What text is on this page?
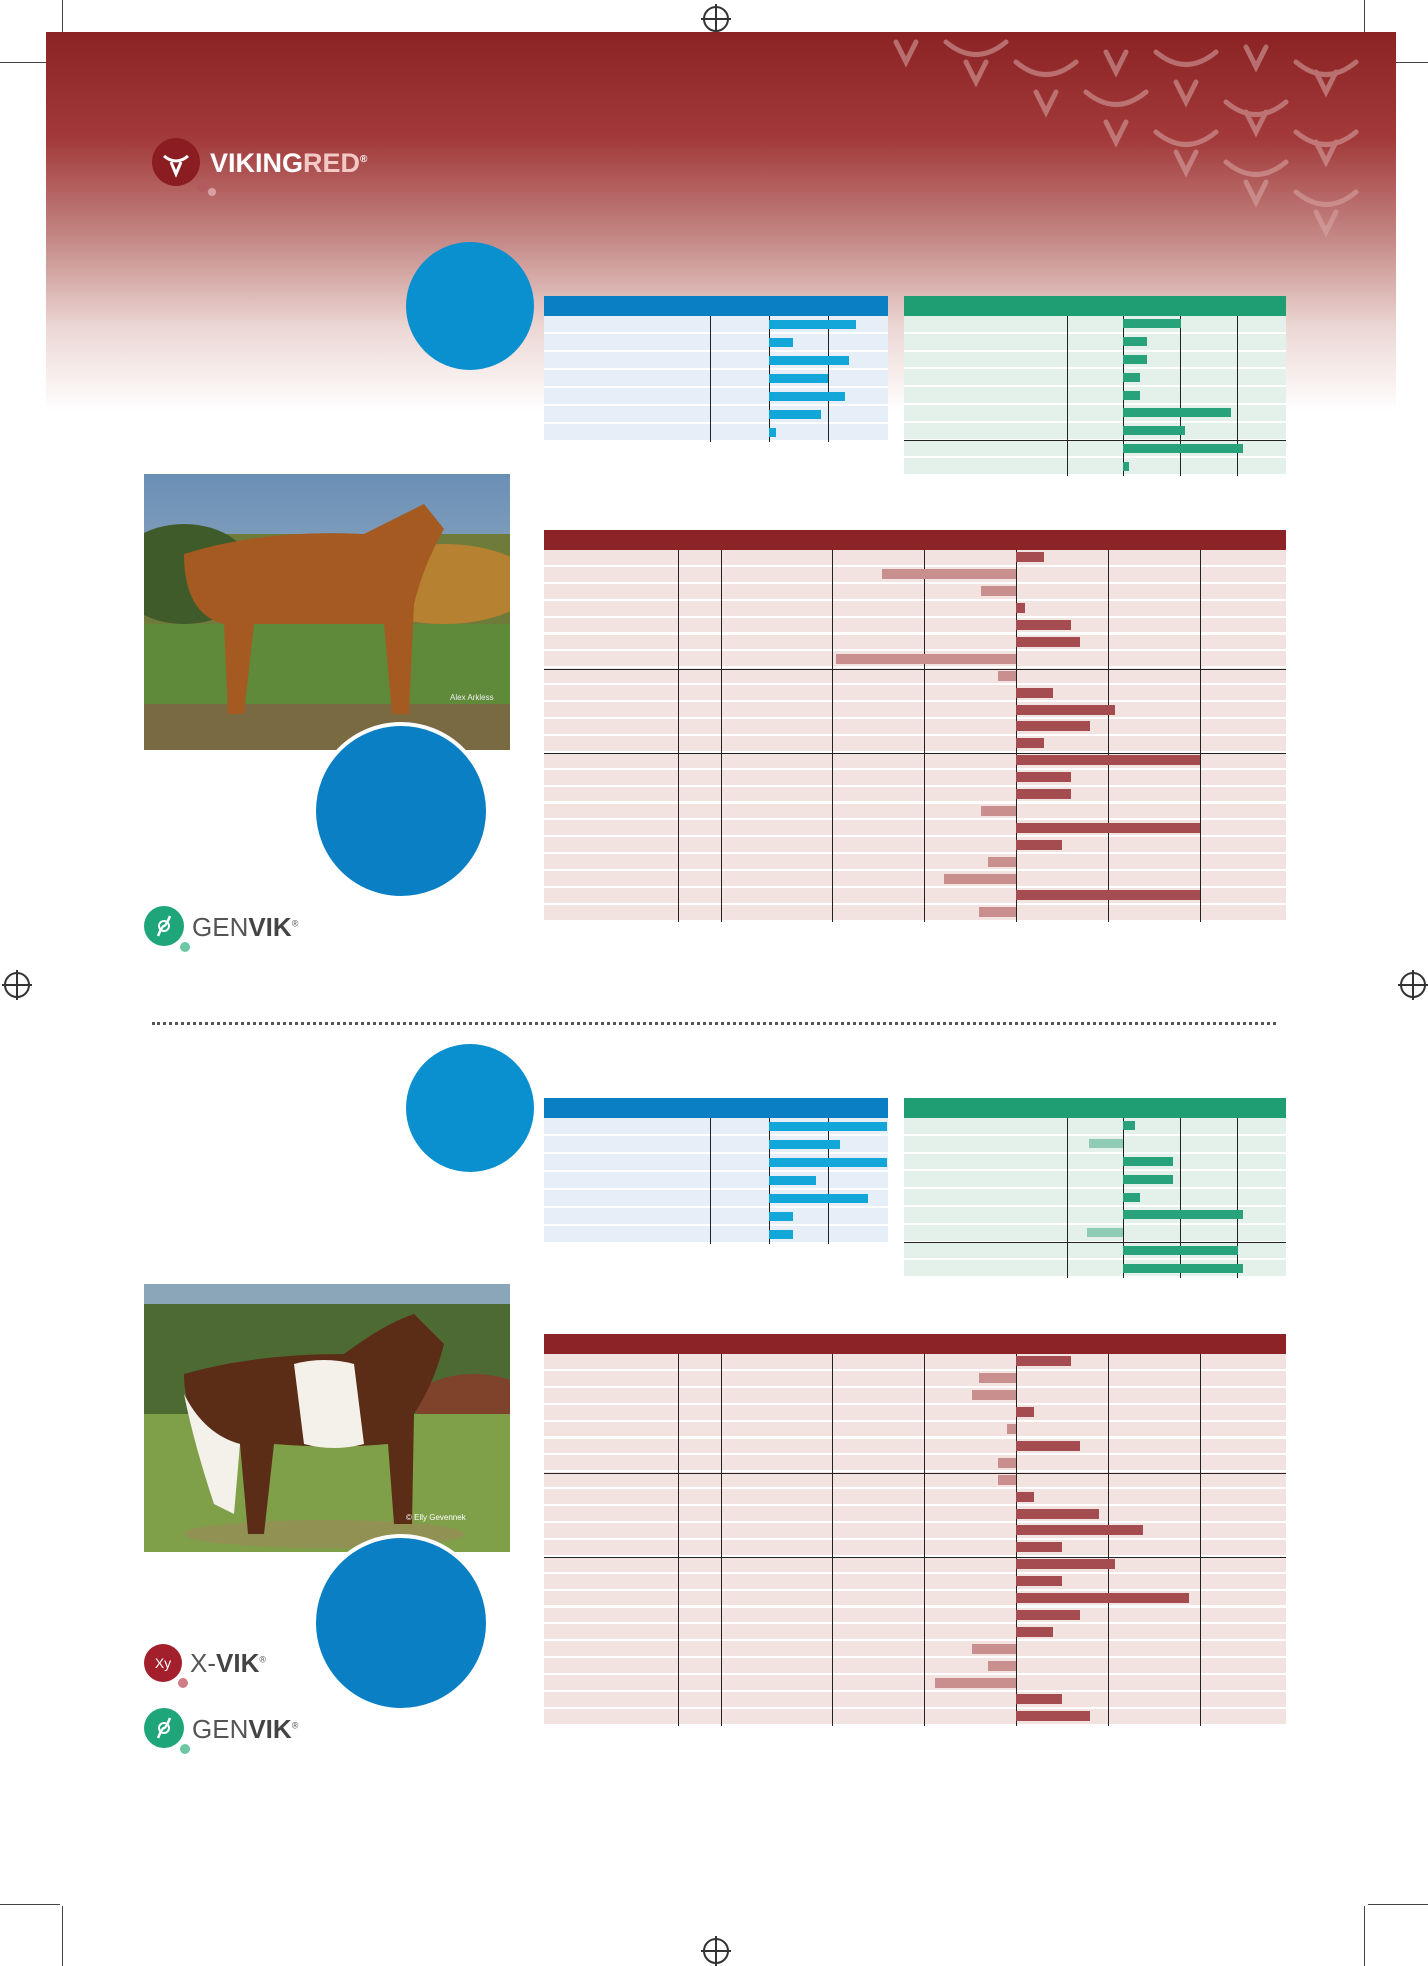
VIKINGRED®
Alex Arkless
GENVIK®
© Elly Gevennek
Xy X-VIK®
GENVIK®
